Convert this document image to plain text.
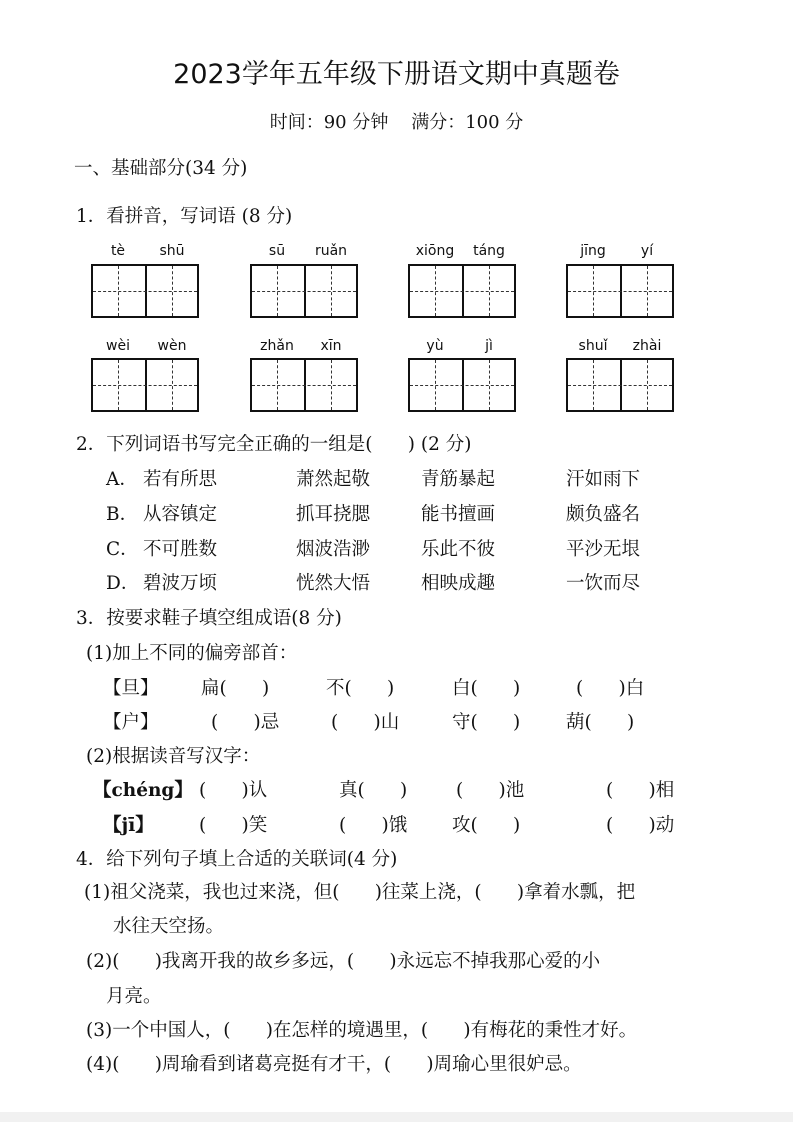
2023学年五年级下册语文期中真题卷
时间：90 分钟    满分：100 分
一、基础部分(34 分)
1．看拼音，写词语 (8 分)
tè	shū	sū	ruǎn	xiōng	táng	jīng	yí
wèi	wèn	zhǎn	xīn	yù	jì	shuǐ	zhài
2．下列词语书写完全正确的一组是(      ) (2 分)
A． 若有所思	萧然起敬	青筋暴起	汗如雨下
B． 从容镇定	抓耳挠腮	能书擅画	颇负盛名
C． 不可胜数	烟波浩渺	乐此不彼	平沙无垠
D． 碧波万顷	恍然大悟	相映成趣	一饮而尽
3．按要求鞋子填空组成语(8 分)
(1)加上不同的偏旁部首：
【旦】 扁(      )	不(      )	白(      )	(      )白
【户】	(      )忌	(      )山	守(      ) 葫(      )
(2)根据读音写汉字：
【chéng】 (      )认	真(      )	(      )池	(      )相
【jī】 (      )笑	(      )饿 攻(      )	(      )动
4．给下列句子填上合适的关联词(4 分)
(1)祖父浇菜，我也过来浇，但(      )往菜上浇，(      )拿着水瓢，把
水往天空扬。
(2)(      )我离开我的故乡多远，(      )永远忘不掉我那心爱的小
月亮。
(3)一个中国人，(      )在怎样的境遇里，(      )有梅花的秉性才好。
(4)(      )周瑜看到诸葛亮挺有才干，(      )周瑜心里很妒忌。
